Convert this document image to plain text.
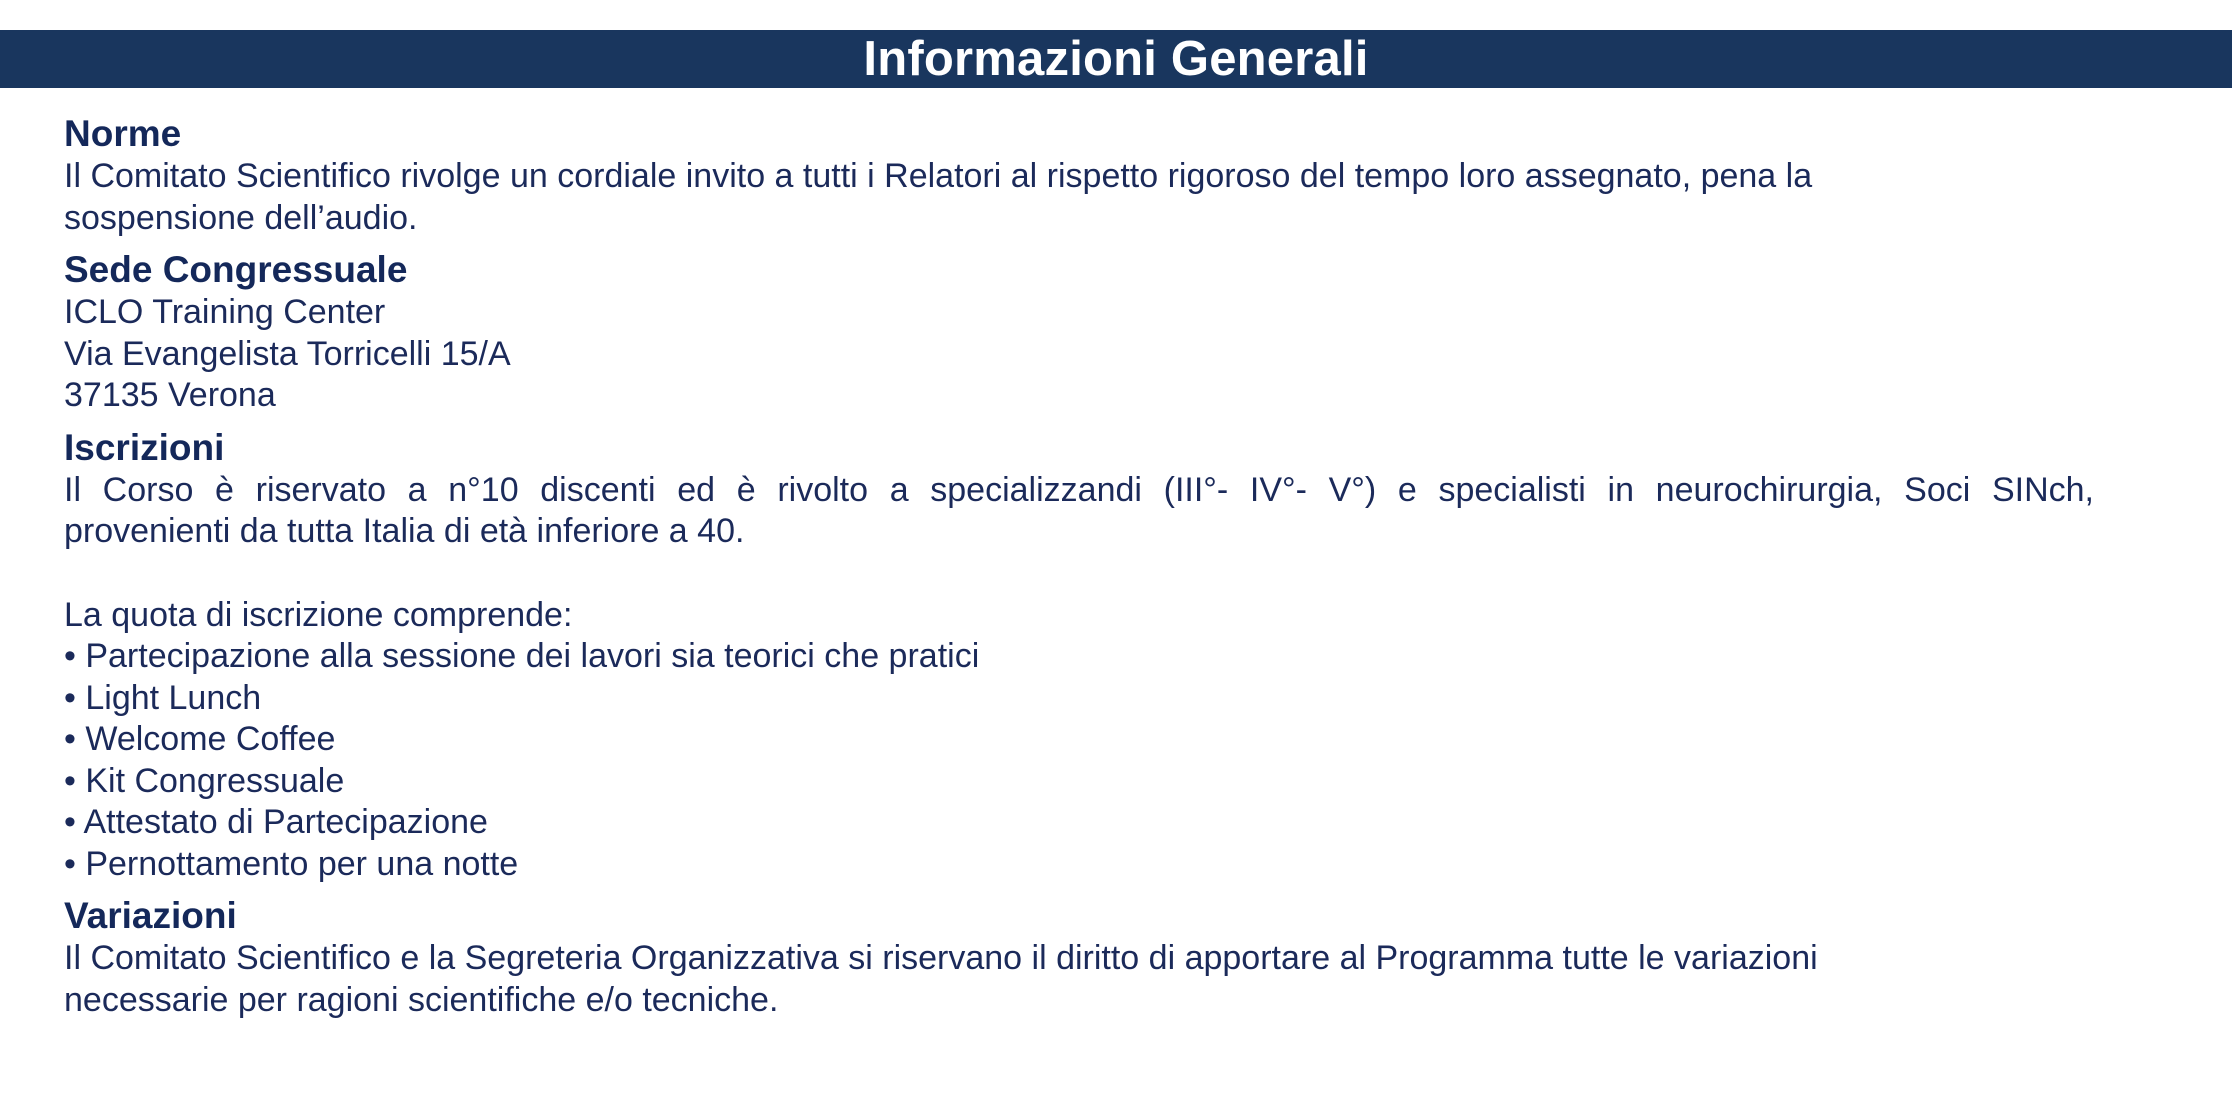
Informazioni Generali
Norme

Il Comitato Scientifico rivolge un cordiale invito a tutti i Relatori al rispetto rigoroso del tempo loro assegnato, pena la
sospensione dell’audio.

Sede Congressuale

ICLO Training Center
Via Evangelista Torricelli 15/A
37135 Verona

Iscrizioni

Il Corso è riservato a n°10 discenti ed è rivolto a specializzandi (III°- IV°- V°) e specialisti in neurochirurgia, Soci SINch,
provenienti da tutta Italia di età inferiore a 40.

La quota di iscrizione comprende:

• Partecipazione alla sessione dei lavori sia teorici che pratici
• Light Lunch
• Welcome Coffee
• Kit Congressuale
• Attestato di Partecipazione
• Pernottamento per una notte
Variazioni

Il Comitato Scientifico e la Segreteria Organizzativa si riservano il diritto di apportare al Programma tutte le variazioni
necessarie per ragioni scientifiche e/o tecniche.
